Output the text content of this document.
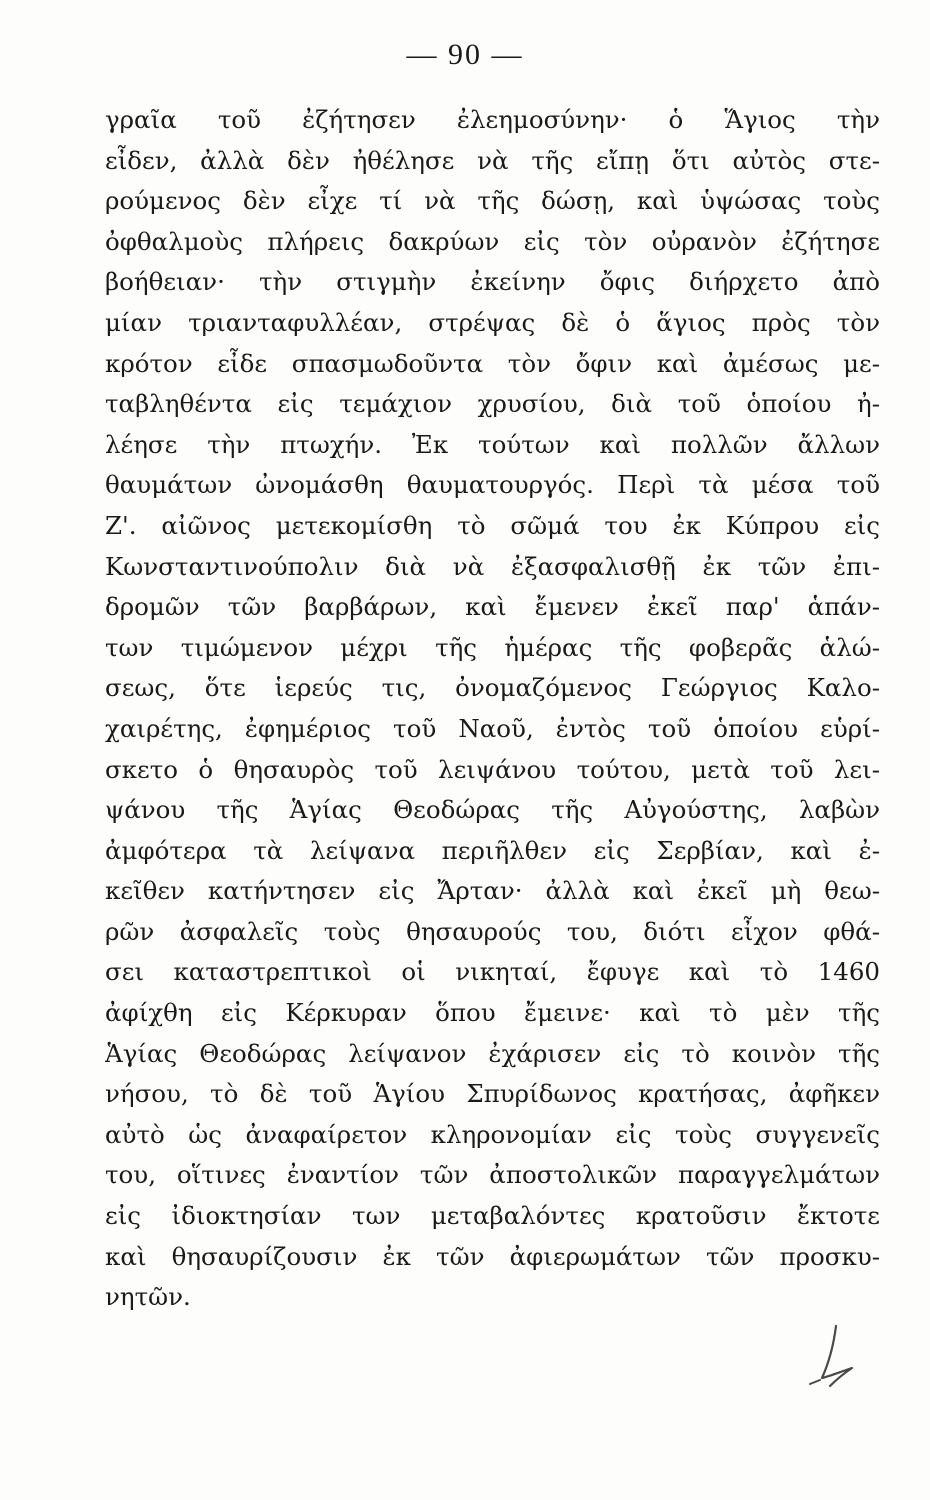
— 90 —
γραῖα τοῦ ἐζήτησεν ἐλεημοσύνην· ὁ Ἅγιος τὴν
εἶδεν, ἀλλὰ δὲν ἠθέλησε νὰ τῆς εἴπῃ ὅτι αὐτὸς στε-
ρούμενος δὲν εἶχε τί νὰ τῆς δώσῃ, καὶ ὑψώσας τοὺς
ὀφθαλμοὺς πλήρεις δακρύων εἰς τὸν οὐρανὸν ἐζήτησε
βοήθειαν· τὴν στιγμὴν ἐκείνην ὄφις διήρχετο ἀπὸ
μίαν τριανταφυλλέαν, στρέψας δὲ ὁ ἅγιος πρὸς τὸν
κρότον εἶδε σπασμωδοῦντα τὸν ὄφιν καὶ ἀμέσως με-
ταβληθέντα εἰς τεμάχιον χρυσίου, διὰ τοῦ ὁποίου ἠ-
λέησε τὴν πτωχήν. Ἐκ τούτων καὶ πολλῶν ἄλλων
θαυμάτων ὠνομάσθη θαυματουργός. Περὶ τὰ μέσα τοῦ
Ζ'. αἰῶνος μετεκομίσθη τὸ σῶμά του ἐκ Κύπρου εἰς
Κωνσταντινούπολιν διὰ νὰ ἐξασφαλισθῇ ἐκ τῶν ἐπι-
δρομῶν τῶν βαρβάρων, καὶ ἔμενεν ἐκεῖ παρ' ἁπάν-
των τιμώμενον μέχρι τῆς ἡμέρας τῆς φοβερᾶς ἁλώ-
σεως, ὅτε ἱερεύς τις, ὀνομαζόμενος Γεώργιος Καλο-
χαιρέτης, ἐφημέριος τοῦ Ναοῦ, ἐντὸς τοῦ ὁποίου εὑρί-
σκετο ὁ θησαυρὸς τοῦ λειψάνου τούτου, μετὰ τοῦ λει-
ψάνου τῆς Ἁγίας Θεοδώρας τῆς Αὐγούστης, λαβὼν
ἀμφότερα τὰ λείψανα περιῆλθεν εἰς Σερβίαν, καὶ ἐ-
κεῖθεν κατήντησεν εἰς Ἄρταν· ἀλλὰ καὶ ἐκεῖ μὴ θεω-
ρῶν ἀσφαλεῖς τοὺς θησαυρούς του, διότι εἶχον φθά-
σει καταστρεπτικοὶ οἱ νικηταί, ἔφυγε καὶ τὸ 1460
ἀφίχθη εἰς Κέρκυραν ὅπου ἔμεινε· καὶ τὸ μὲν τῆς
Ἁγίας Θεοδώρας λείψανον ἐχάρισεν εἰς τὸ κοινὸν τῆς
νήσου, τὸ δὲ τοῦ Ἁγίου Σπυρίδωνος κρατήσας, ἀφῆκεν
αὐτὸ ὡς ἀναφαίρετον κληρονομίαν εἰς τοὺς συγγενεῖς
του, οἵτινες ἐναντίον τῶν ἀποστολικῶν παραγγελμάτων
εἰς ἰδιοκτησίαν των μεταβαλόντες κρατοῦσιν ἔκτοτε
καὶ θησαυρίζουσιν ἐκ τῶν ἀφιερωμάτων τῶν προσκυ-
νητῶν.
